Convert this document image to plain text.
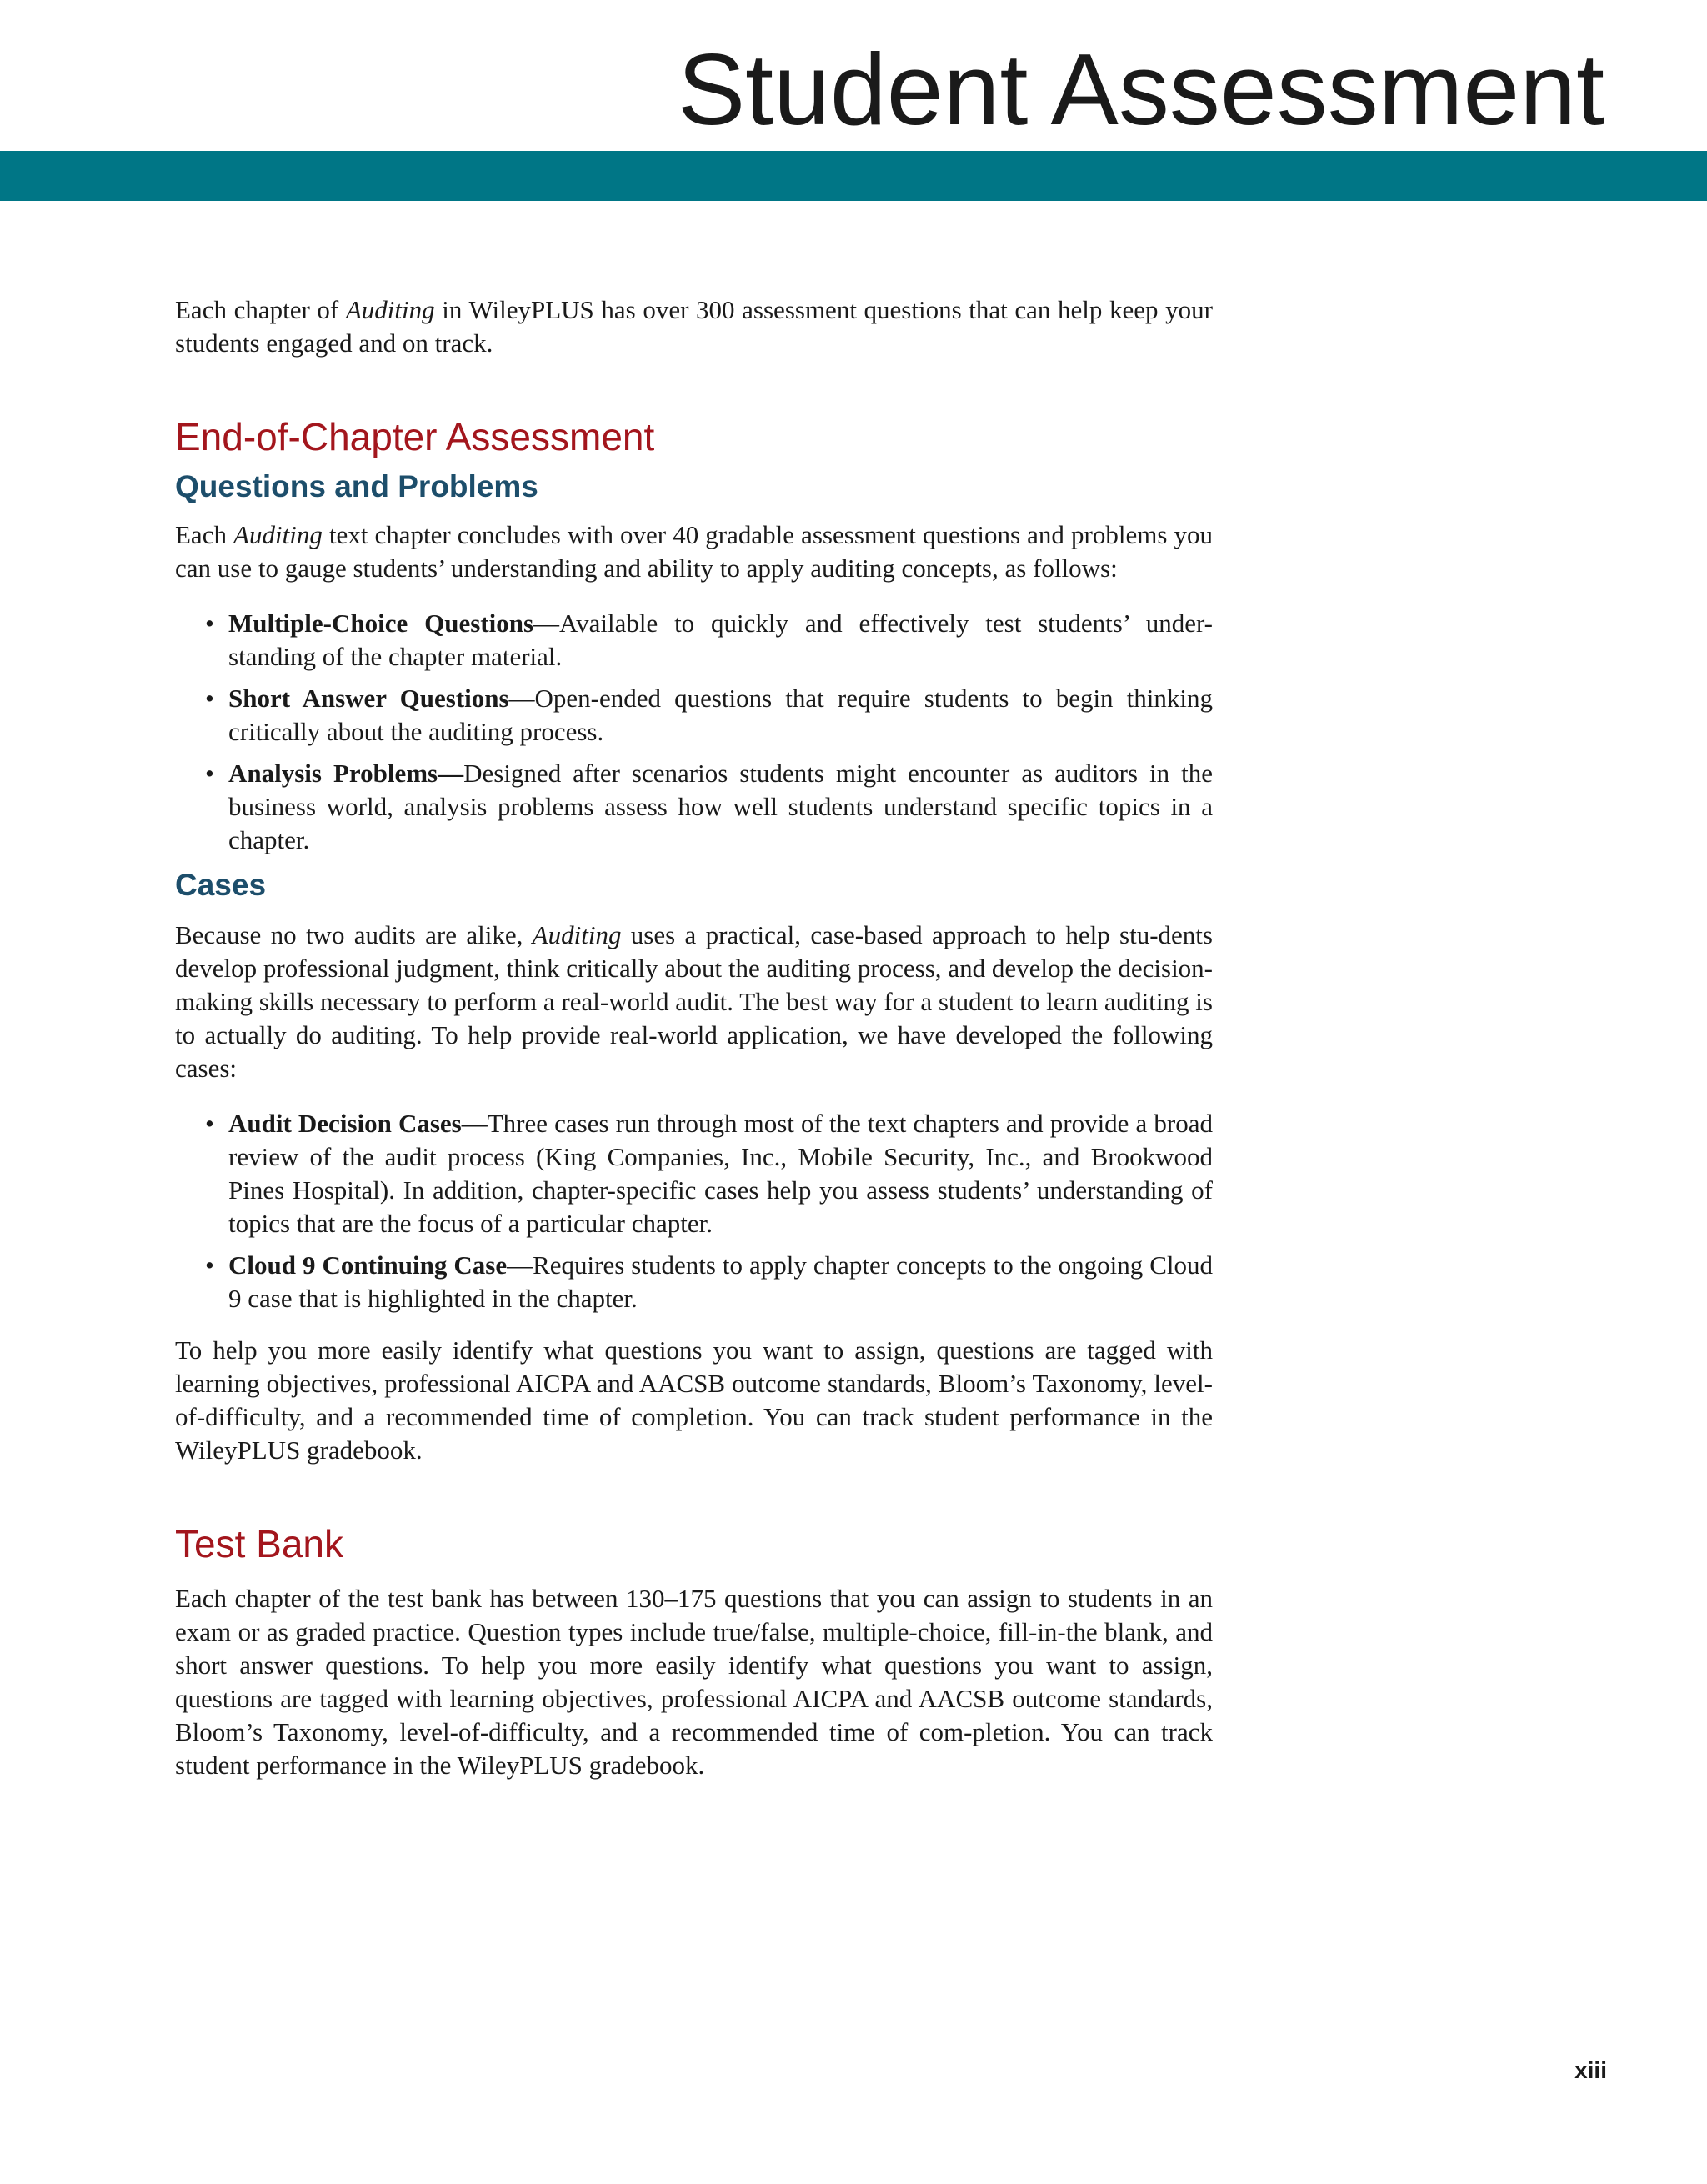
Student Assessment

Each chapter of Auditing in WileyPLUS has over 300 assessment questions that can help keep your students engaged and on track.

End-of-Chapter Assessment
Questions and Problems

Each Auditing text chapter concludes with over 40 gradable assessment questions and problems you can use to gauge students’ understanding and ability to apply auditing concepts, as follows:

• Multiple-Choice Questions—Available to quickly and effectively test students’ under-standing of the chapter material.
• Short Answer Questions—Open-ended questions that require students to begin thinking critically about the auditing process.
• Analysis Problems—Designed after scenarios students might encounter as auditors in the business world, analysis problems assess how well students understand specific topics in a chapter.
Cases

Because no two audits are alike, Auditing uses a practical, case-based approach to help stu-dents develop professional judgment, think critically about the auditing process, and develop the decision-making skills necessary to perform a real-world audit. The best way for a student to learn auditing is to actually do auditing. To help provide real-world application, we have developed the following cases:

• Audit Decision Cases—Three cases run through most of the text chapters and provide a broad review of the audit process (King Companies, Inc., Mobile Security, Inc., and Brookwood Pines Hospital). In addition, chapter-specific cases help you assess students’ understanding of topics that are the focus of a particular chapter.
• Cloud 9 Continuing Case—Requires students to apply chapter concepts to the ongoing Cloud 9 case that is highlighted in the chapter.

To help you more easily identify what questions you want to assign, questions are tagged with learning objectives, professional AICPA and AACSB outcome standards, Bloom’s Taxonomy, level-of-difficulty, and a recommended time of completion. You can track student performance in the WileyPLUS gradebook.

Test Bank

Each chapter of the test bank has between 130–175 questions that you can assign to students in an exam or as graded practice. Question types include true/false, multiple-choice, fill-in-the blank, and short answer questions. To help you more easily identify what questions you want to assign, questions are tagged with learning objectives, professional AICPA and AACSB outcome standards, Bloom’s Taxonomy, level-of-difficulty, and a recommended time of com-pletion. You can track student performance in the WileyPLUS gradebook.

xiii
